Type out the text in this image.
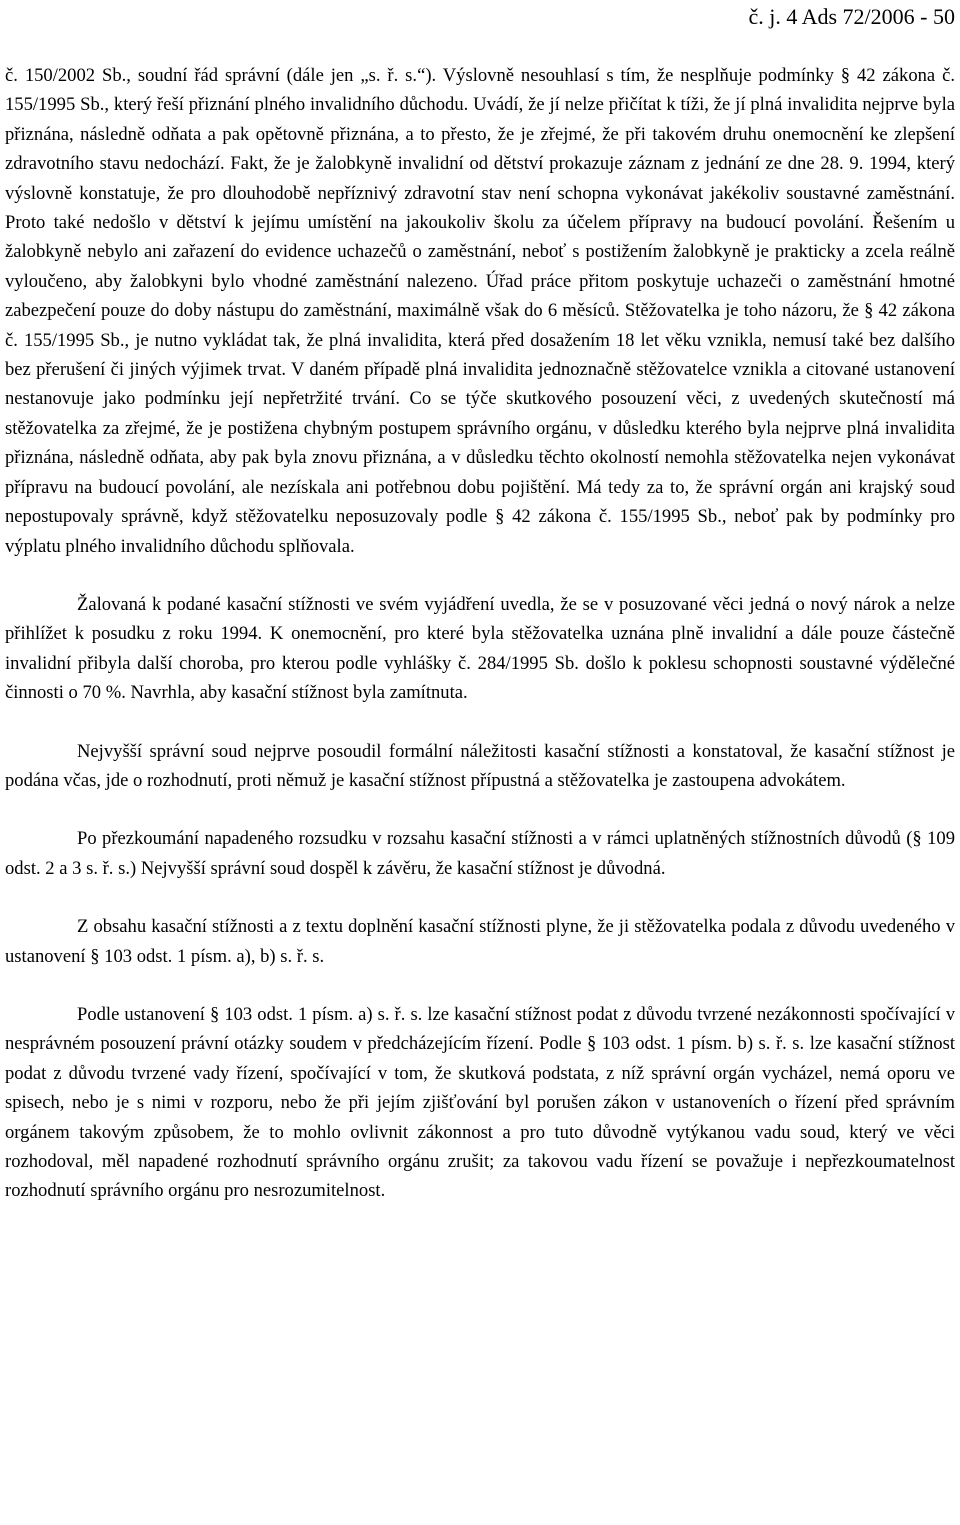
č. j. 4 Ads 72/2006 - 50

č. 150/2002 Sb., soudní řád správní (dále jen „s. ř. s.“). Výslovně nesouhlasí s tím, že nesplňuje podmínky § 42 zákona č. 155/1995 Sb., který řeší přiznání plného invalidního důchodu. Uvádí, že jí nelze přičítat k tíži, že jí plná invalidita nejprve byla přiznána, následně odňata a pak opětovně přiznána, a to přesto, že je zřejmé, že při takovém druhu onemocnění ke zlepšení zdravotního stavu nedochází. Fakt, že je žalobkyně invalidní od dětství prokazuje záznam z jednání ze dne 28. 9. 1994, který výslovně konstatuje, že pro dlouhodobě nepříznivý zdravotní stav není schopna vykonávat jakékoliv soustavné zaměstnání. Proto také nedošlo v dětství k jejímu umístění na jakoukoliv školu za účelem přípravy na budoucí povolání. Řešením u žalobkyně nebylo ani zařazení do evidence uchazečů o zaměstnání, neboť s postižením žalobkyně je prakticky a zcela reálně vyloučeno, aby žalobkyni bylo vhodné zaměstnání nalezeno. Úřad práce přitom poskytuje uchazeči o zaměstnání hmotné zabezpečení pouze do doby nástupu do zaměstnání, maximálně však do 6 měsíců. Stěžovatelka je toho názoru, že § 42 zákona č. 155/1995 Sb., je nutno vykládat tak, že plná invalidita, která před dosažením 18 let věku vznikla, nemusí také bez dalšího bez přerušení či jiných výjimek trvat. V daném případě plná invalidita jednoznačně stěžovatelce vznikla a citované ustanovení nestanovuje jako podmínku její nepřetržité trvání. Co se týče skutkového posouzení věci, z uvedených skutečností má stěžovatelka za zřejmé, že je postižena chybným postupem správního orgánu, v důsledku kterého byla nejprve plná invalidita přiznána, následně odňata, aby pak byla znovu přiznána, a v důsledku těchto okolností nemohla stěžovatelka nejen vykonávat přípravu na budoucí povolání, ale nezískala ani potřebnou dobu pojištění. Má tedy za to, že správní orgán ani krajský soud nepostupovaly správně, když stěžovatelku neposuzovaly podle § 42 zákona č. 155/1995 Sb., neboť pak by podmínky pro výplatu plného invalidního důchodu splňovala.

Žalovaná k podané kasační stížnosti ve svém vyjádření uvedla, že se v posuzované věci jedná o nový nárok a nelze přihlížet k posudku z roku 1994. K onemocnění, pro které byla stěžovatelka uznána plně invalidní a dále pouze částečně invalidní přibyla další choroba, pro kterou podle vyhlášky č. 284/1995 Sb. došlo k poklesu schopnosti soustavné výdělečné činnosti o 70 %. Navrhla, aby kasační stížnost byla zamítnuta.

Nejvyšší správní soud nejprve posoudil formální náležitosti kasační stížnosti a konstatoval, že kasační stížnost je podána včas, jde o rozhodnutí, proti němuž je kasační stížnost přípustná a stěžovatelka je zastoupena advokátem.

Po přezkoumání napadeného rozsudku v rozsahu kasační stížnosti a v rámci uplatněných stížnostních důvodů (§ 109 odst. 2 a 3 s. ř. s.) Nejvyšší správní soud dospěl k závěru, že kasační stížnost je důvodná.

Z obsahu kasační stížnosti a z textu doplnění kasační stížnosti plyne, že ji stěžovatelka podala z důvodu uvedeného v ustanovení § 103 odst. 1 písm. a), b) s. ř. s.

Podle ustanovení § 103 odst. 1 písm. a) s. ř. s. lze kasační stížnost podat z důvodu tvrzené nezákonnosti spočívající v nesprávném posouzení právní otázky soudem v předcházejícím řízení. Podle § 103 odst. 1 písm. b) s. ř. s. lze kasační stížnost podat z důvodu tvrzené vady řízení, spočívající v tom, že skutková podstata, z níž správní orgán vycházel, nemá oporu ve spisech, nebo je s nimi v rozporu, nebo že při jejím zjišťování byl porušen zákon v ustanoveních o řízení před správním orgánem takovým způsobem, že to mohlo ovlivnit zákonnost a pro tuto důvodně vytýkanou vadu soud, který ve věci rozhodoval, měl napadené rozhodnutí správního orgánu zrušit; za takovou vadu řízení se považuje i nepřezkoumatelnost rozhodnutí správního orgánu pro nesrozumitelnost.
